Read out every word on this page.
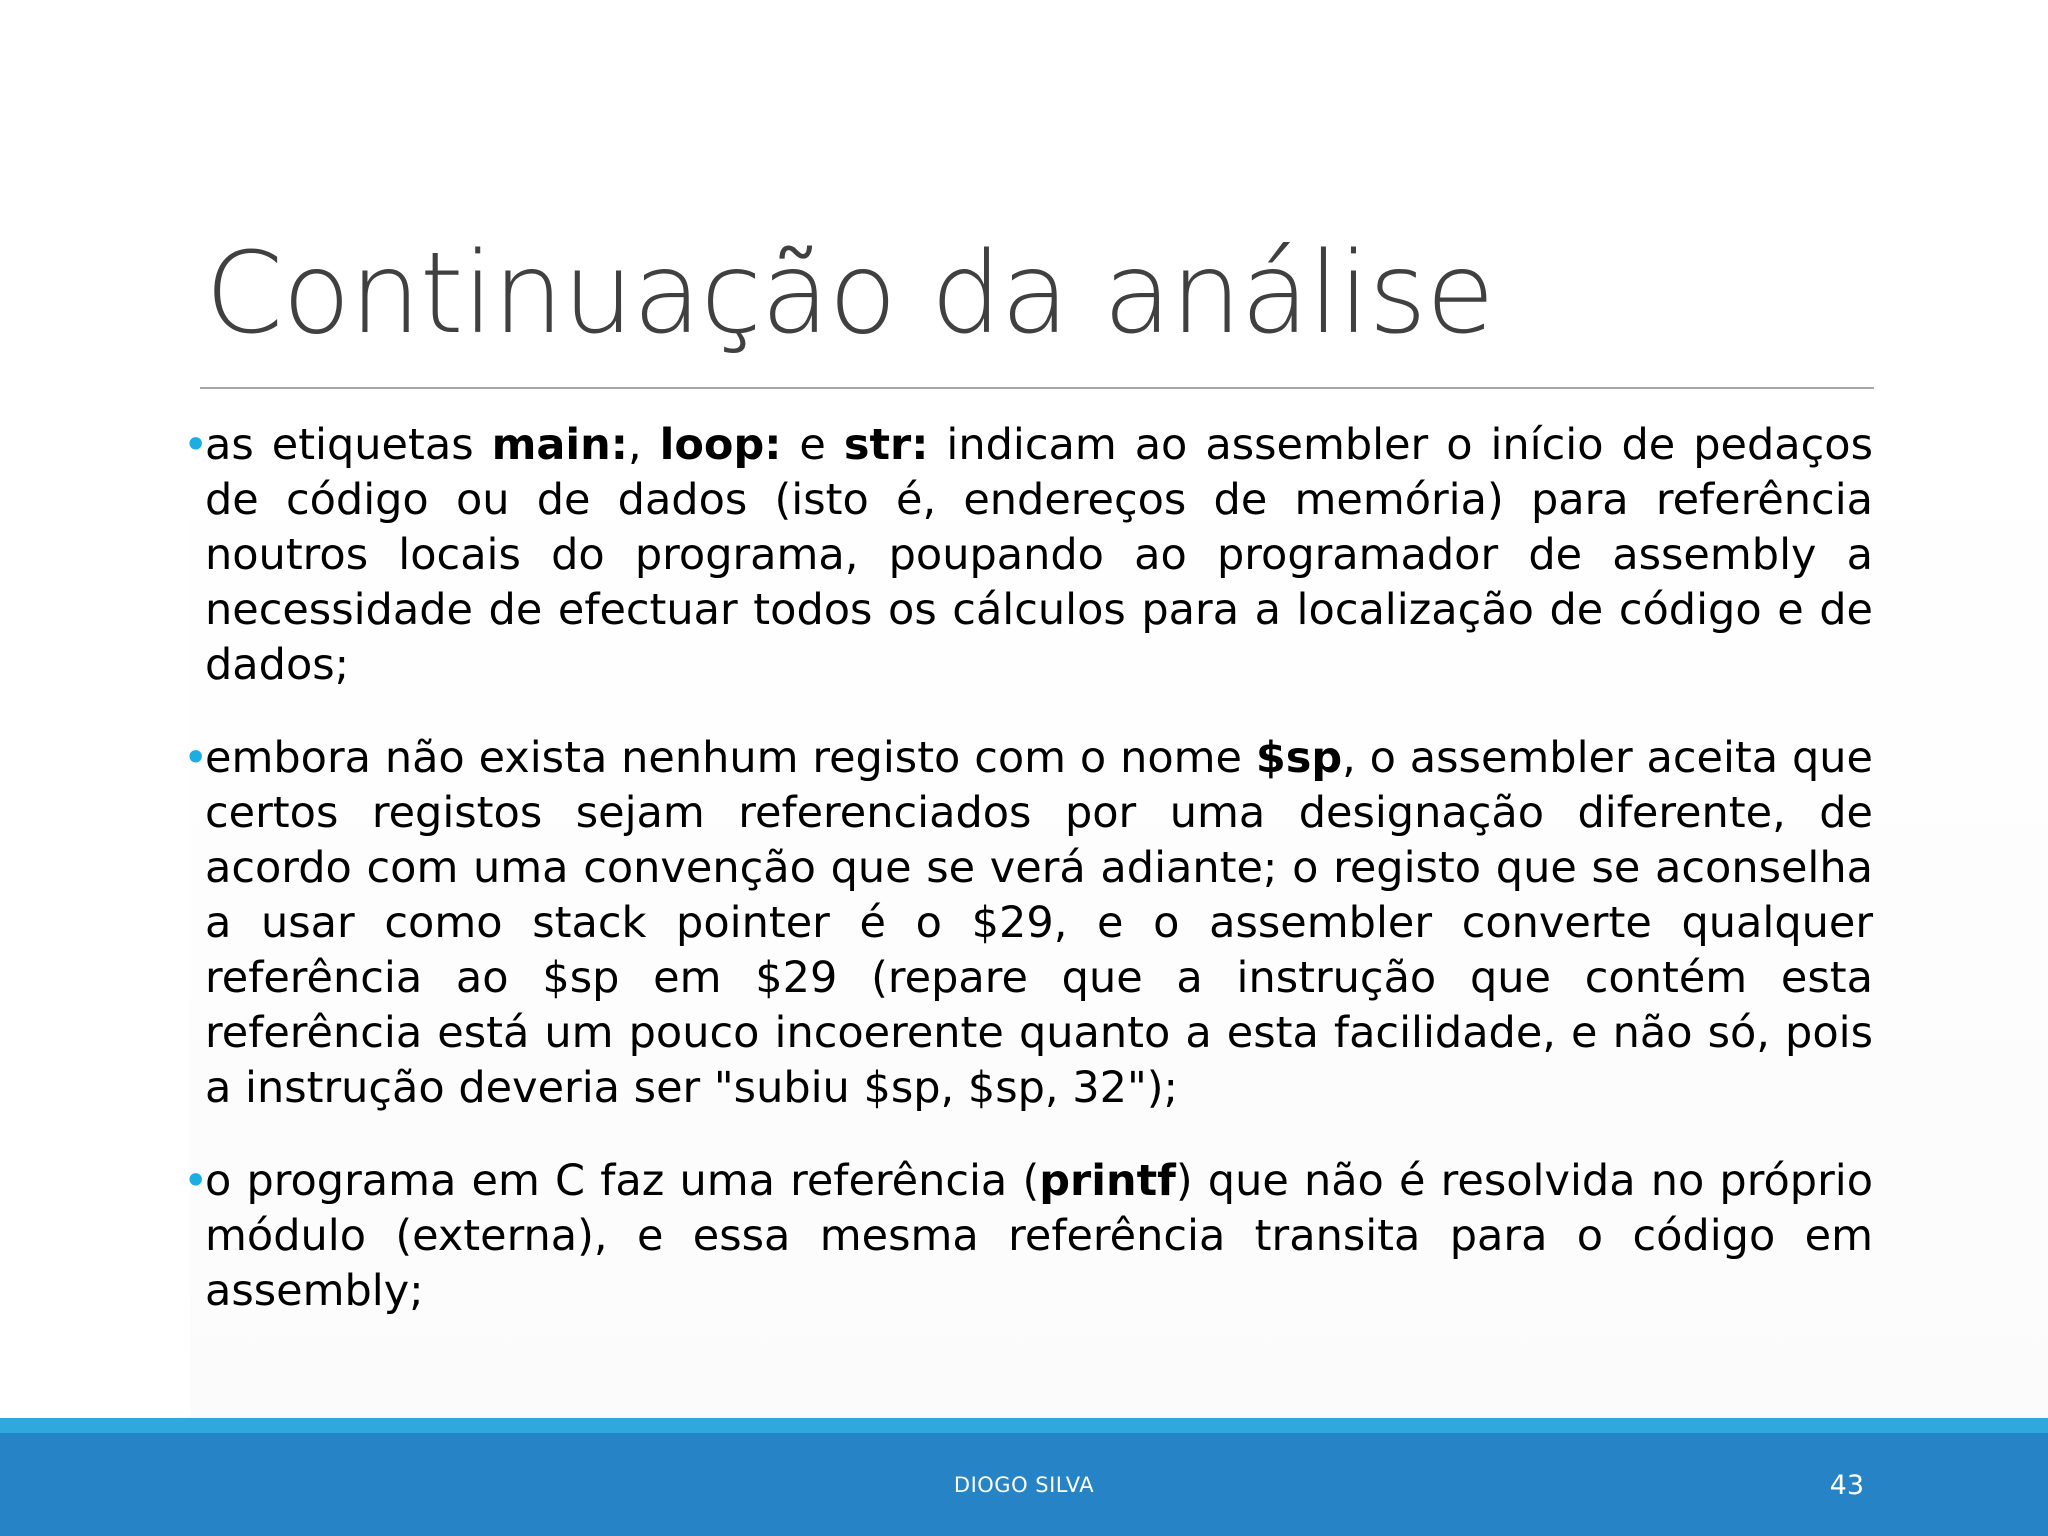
Continuação da análise
•
as etiquetas main:, loop: e str: indicam ao assembler o início de pedaços de código ou de dados (isto é, endereços de memória) para referência noutros locais do programa, poupando ao programador de assembly a necessidade de efectuar todos os cálculos para a localização de código e de dados;
•
embora não exista nenhum registo com o nome $sp, o assembler aceita que certos registos sejam referenciados por uma designação diferente, de acordo com uma convenção que se verá adiante; o registo que se aconselha a usar como stack pointer é o $29, e o assembler converte qualquer referência ao $sp em $29 (repare que a instrução que contém esta referência está um pouco incoerente quanto a esta facilidade, e não só, pois a instrução deveria ser "subiu $sp, $sp, 32");
•
o programa em C faz uma referência (printf) que não é resolvida no próprio módulo (externa), e essa mesma referência transita para o código em assembly;
DIOGO SILVA	43
